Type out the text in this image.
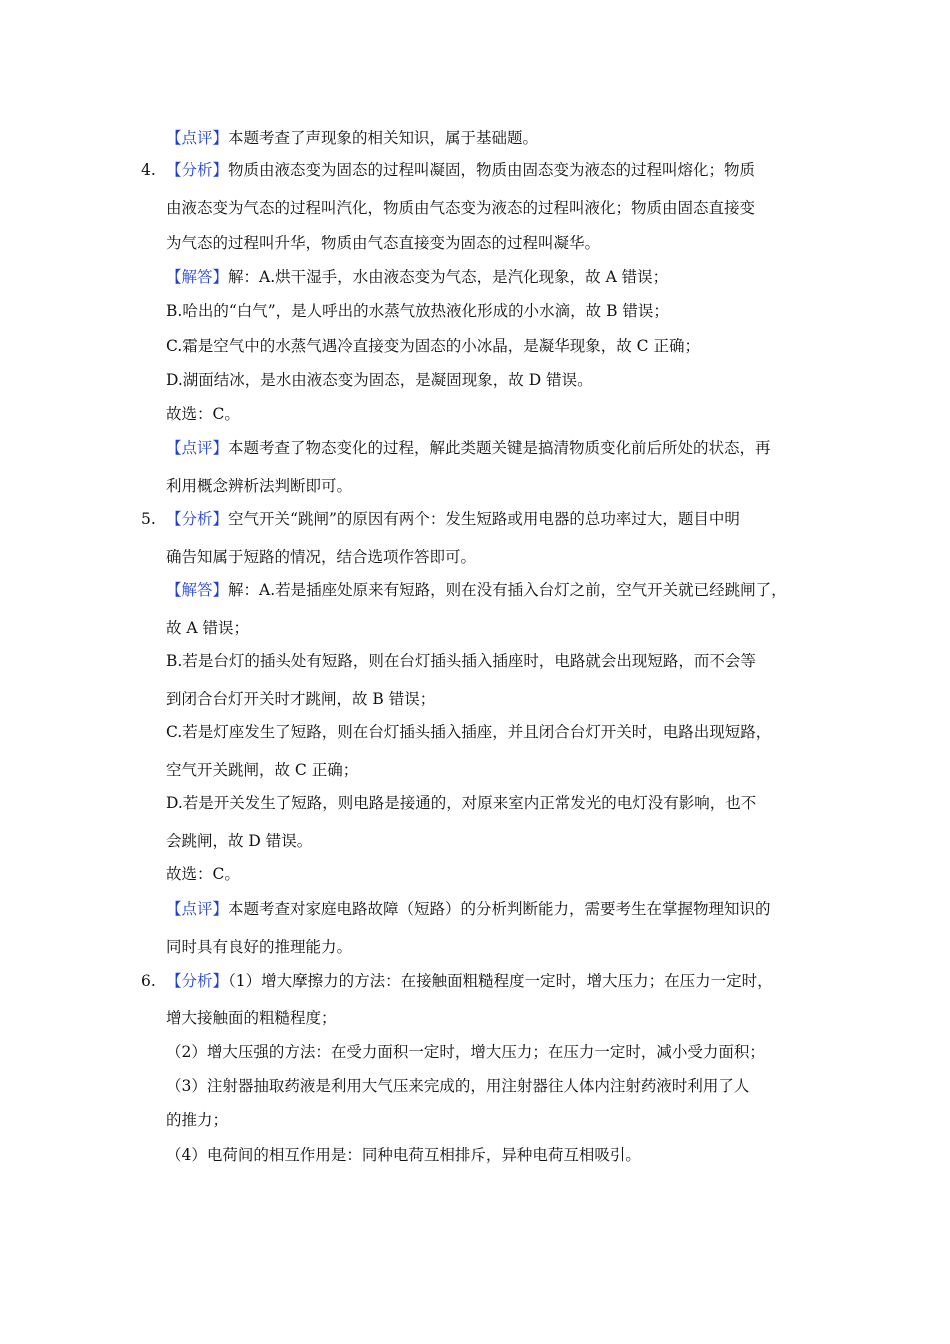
【点评】本题考查了声现象的相关知识，属于基础题。
4. 【分析】物质由液态变为固态的过程叫凝固，物质由固态变为液态的过程叫熔化；物质
由液态变为气态的过程叫汽化，物质由气态变为液态的过程叫液化；物质由固态直接变
为气态的过程叫升华，物质由气态直接变为固态的过程叫凝华。
【解答】解：A.烘干湿手，水由液态变为气态，是汽化现象，故 A 错误；
B.哈出的“白气”，是人呼出的水蒸气放热液化形成的小水滴，故 B 错误；
C.霜是空气中的水蒸气遇冷直接变为固态的小冰晶，是凝华现象，故 C 正确；
D.湖面结冰，是水由液态变为固态，是凝固现象，故 D 错误。
故选：C。
【点评】本题考查了物态变化的过程，解此类题关键是搞清物质变化前后所处的状态，再
利用概念辨析法判断即可。
5. 【分析】空气开关“跳闸”的原因有两个：发生短路或用电器的总功率过大，题目中明
确告知属于短路的情况，结合选项作答即可。
【解答】解：A.若是插座处原来有短路，则在没有插入台灯之前，空气开关就已经跳闸了，
故 A 错误；
B.若是台灯的插头处有短路，则在台灯插头插入插座时，电路就会出现短路，而不会等
到闭合台灯开关时才跳闸，故 B 错误；
C.若是灯座发生了短路，则在台灯插头插入插座，并且闭合台灯开关时，电路出现短路，
空气开关跳闸，故 C 正确；
D.若是开关发生了短路，则电路是接通的，对原来室内正常发光的电灯没有影响，也不
会跳闸，故 D 错误。
故选：C。
【点评】本题考查对家庭电路故障（短路）的分析判断能力，需要考生在掌握物理知识的
同时具有良好的推理能力。
6. 【分析】（1）增大摩擦力的方法：在接触面粗糙程度一定时，增大压力；在压力一定时，
增大接触面的粗糙程度；
（2）增大压强的方法：在受力面积一定时，增大压力；在压力一定时，减小受力面积；
（3）注射器抽取药液是利用大气压来完成的，用注射器往人体内注射药液时利用了人
的推力；
（4）电荷间的相互作用是：同种电荷互相排斥，异种电荷互相吸引。
